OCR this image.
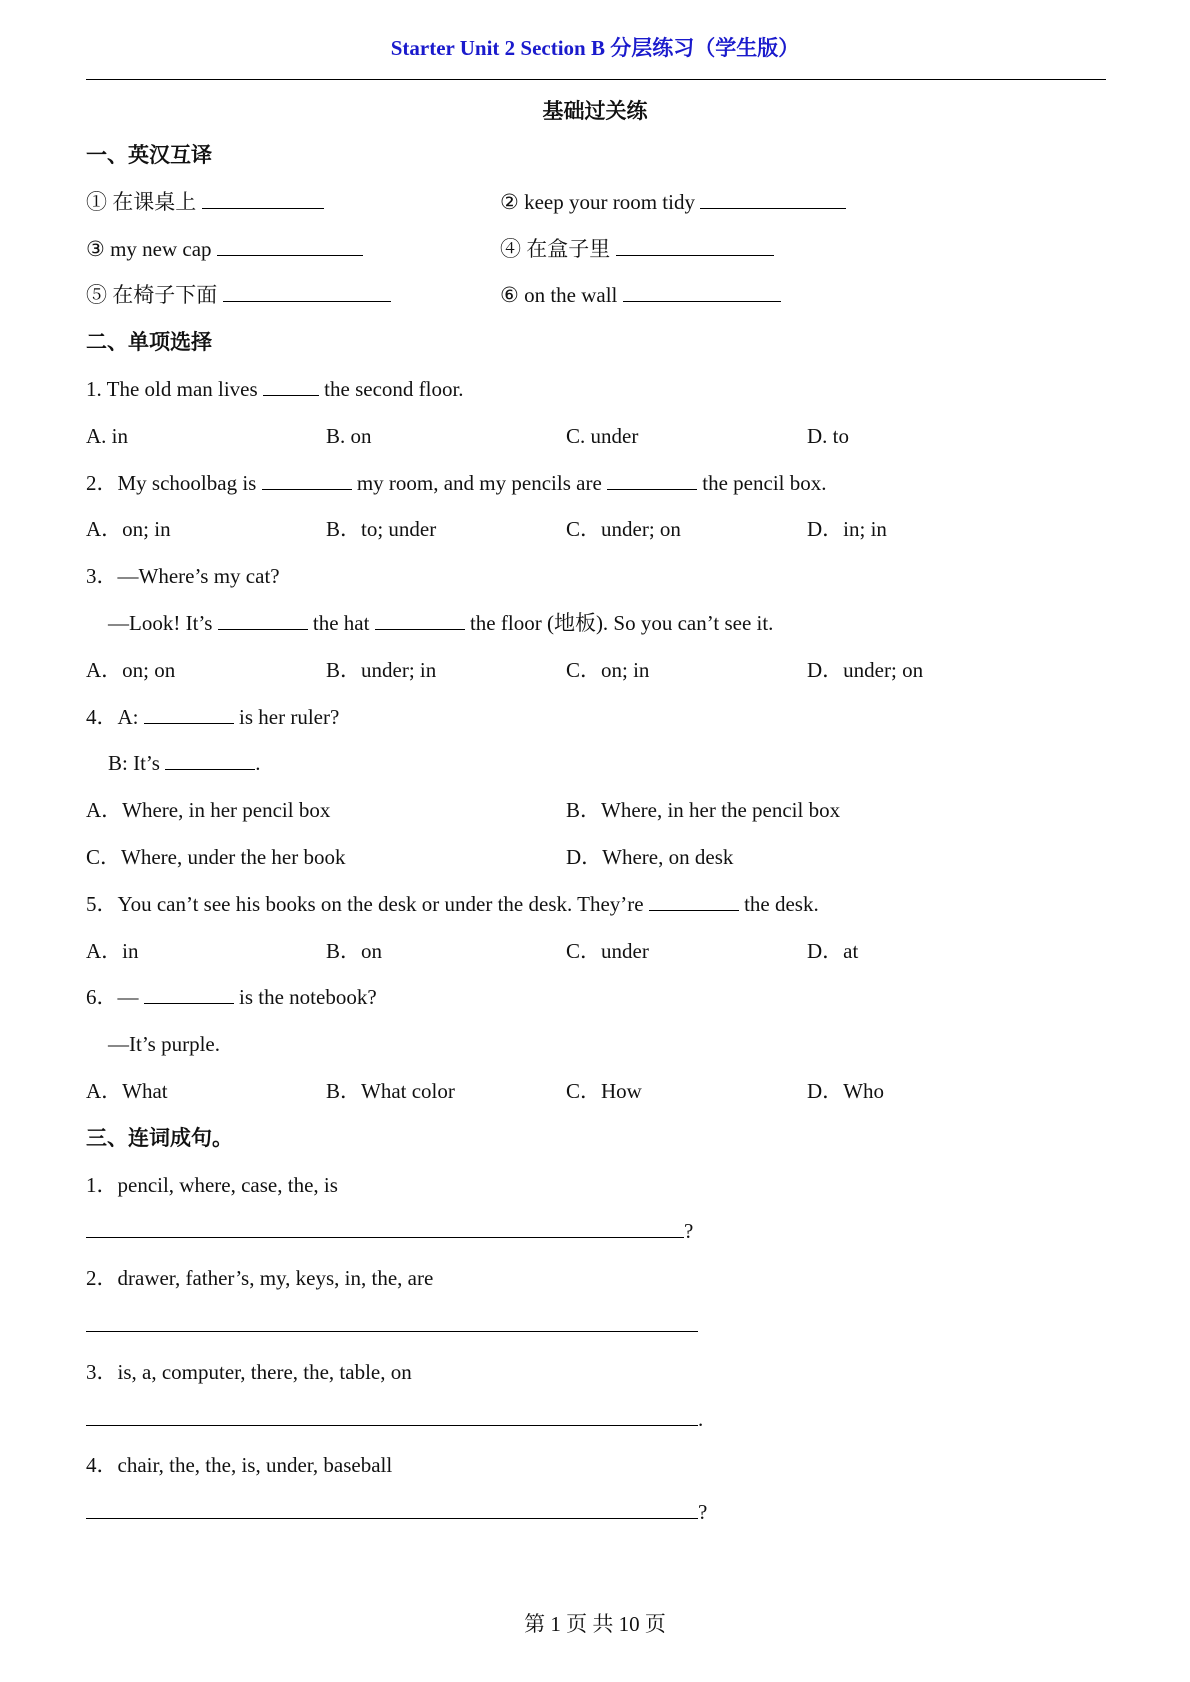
Starter Unit 2 Section B 分层练习（学生版）
基础过关练
一、英汉互译

① 在课桌上

	② keep your room tidy

③ my new cap

	④ 在盒子里

⑤ 在椅子下面

	⑥ on the wall

二、单项选择
1. The old man lives	the second floor.
A. in	B. on	C. under	D. to
2．My schoolbag is	my room, and my pencils are	the pencil box.
A．on; in	B．to; under	C．under; on	D．in; in
3．—Where’s my cat?
—Look! It’s	the hat	the floor (地板). So you can’t see it.
A．on; on	B．under; in	C．on; in	D．under; on
4．A:	is her ruler?
B: It’s	.
A．Where, in her pencil box	B．Where, in her the pencil box
C．Where, under the her book	D．Where, on desk
5．You can’t see his books on the desk or under the desk. They’re	the desk.
A．in	B．on	C．under	D．at
6．—	is the notebook?
—It’s purple.
A．What	B．What color	C．How	D．Who
三、连词成句。
1．pencil, where, case, the, is
?
2．drawer, father’s, my, keys, in, the, are
3．is, a, computer, there, the, table, on
.
4．chair, the, the, is, under, baseball
?
第 1 页 共 10 页
